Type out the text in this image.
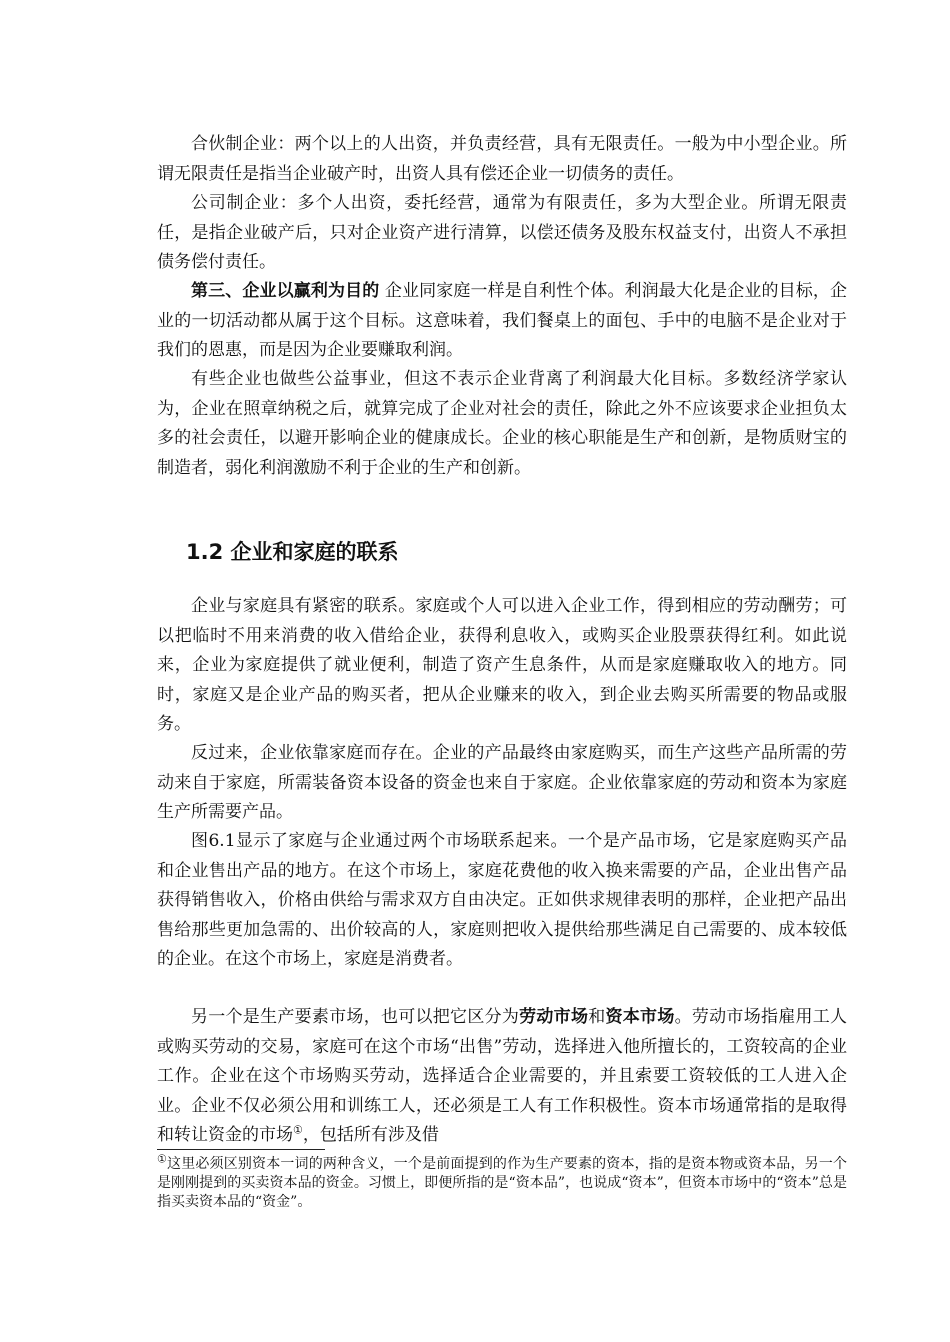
合伙制企业：两个以上的人出资，并负责经营，具有无限责任。一般为中小型企业。所谓无限责任是指当企业破产时，出资人具有偿还企业一切债务的责任。

公司制企业：多个人出资，委托经营，通常为有限责任，多为大型企业。所谓无限责任，是指企业破产后，只对企业资产进行清算，以偿还债务及股东权益支付，出资人不承担债务偿付责任。

第三、企业以赢利为目的 企业同家庭一样是自利性个体。利润最大化是企业的目标，企业的一切活动都从属于这个目标。这意味着，我们餐桌上的面包、手中的电脑不是企业对于我们的恩惠，而是因为企业要赚取利润。

有些企业也做些公益事业，但这不表示企业背离了利润最大化目标。多数经济学家认为，企业在照章纳税之后，就算完成了企业对社会的责任，除此之外不应该要求企业担负太多的社会责任，以避开影响企业的健康成长。企业的核心职能是生产和创新，是物质财宝的制造者，弱化利润激励不利于企业的生产和创新。

1.2 企业和家庭的联系

企业与家庭具有紧密的联系。家庭或个人可以进入企业工作，得到相应的劳动酬劳；可以把临时不用来消费的收入借给企业，获得利息收入，或购买企业股票获得红利。如此说来，企业为家庭提供了就业便利，制造了资产生息条件，从而是家庭赚取收入的地方。同时，家庭又是企业产品的购买者，把从企业赚来的收入，到企业去购买所需要的物品或服务。

反过来，企业依靠家庭而存在。企业的产品最终由家庭购买，而生产这些产品所需的劳动来自于家庭，所需装备资本设备的资金也来自于家庭。企业依靠家庭的劳动和资本为家庭生产所需要产品。

图6.1显示了家庭与企业通过两个市场联系起来。一个是产品市场，它是家庭购买产品和企业售出产品的地方。在这个市场上，家庭花费他的收入换来需要的产品，企业出售产品获得销售收入，价格由供给与需求双方自由决定。正如供求规律表明的那样，企业把产品出售给那些更加急需的、出价较高的人，家庭则把收入提供给那些满足自己需要的、成本较低的企业。在这个市场上，家庭是消费者。

另一个是生产要素市场，也可以把它区分为劳动市场和资本市场。劳动市场指雇用工人或购买劳动的交易，家庭可在这个市场“出售”劳动，选择进入他所擅长的，工资较高的企业工作。企业在这个市场购买劳动，选择适合企业需要的，并且索要工资较低的工人进入企业。企业不仅必须公用和训练工人，还必须是工人有工作积极性。资本市场通常指的是取得和转让资金的市场①，包括所有涉及借

①这里必须区别资本一词的两种含义，一个是前面提到的作为生产要素的资本，指的是资本物或资本品，另一个是刚刚提到的买卖资本品的资金。习惯上，即便所指的是“资本品”，也说成“资本”，但资本市场中的“资本”总是指买卖资本品的“资金”。
